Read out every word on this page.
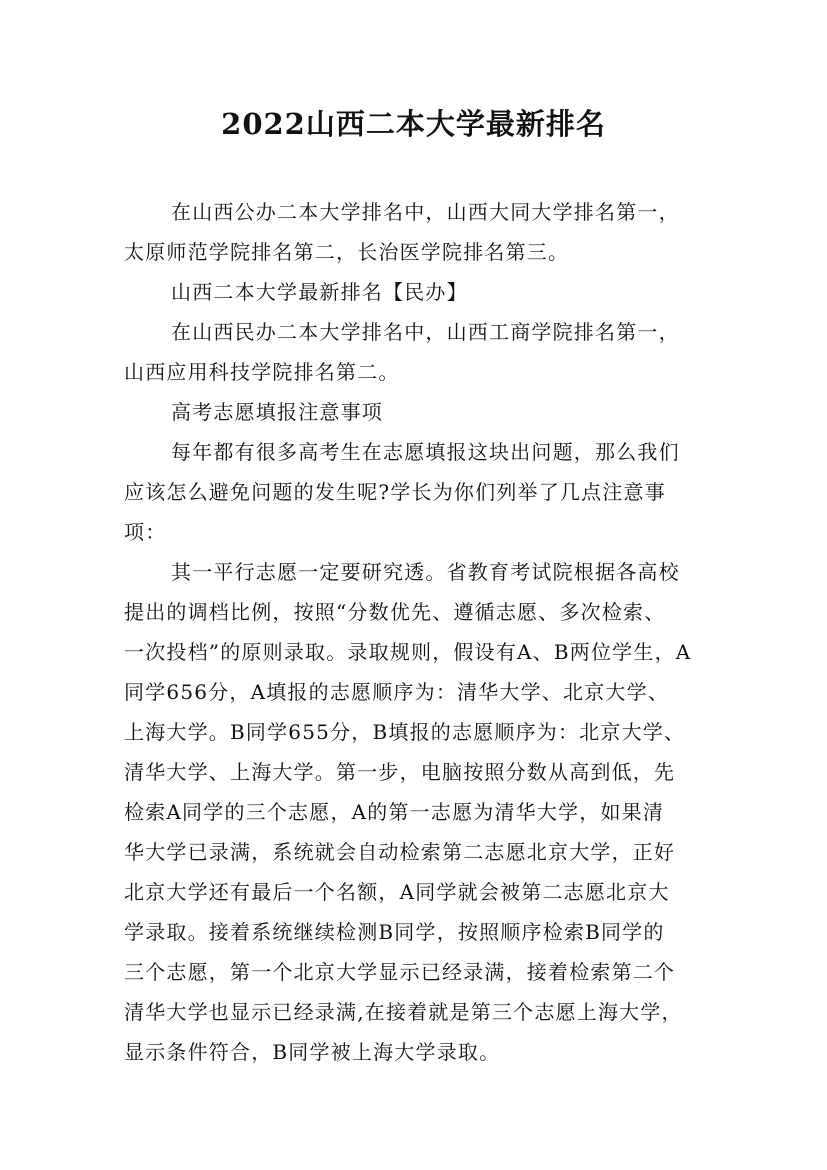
2022山西二本大学最新排名
在山西公办二本大学排名中，山西大同大学排名第一，
太原师范学院排名第二，长治医学院排名第三。
山西二本大学最新排名【民办】
在山西民办二本大学排名中，山西工商学院排名第一，
山西应用科技学院排名第二。
高考志愿填报注意事项
每年都有很多高考生在志愿填报这块出问题，那么我们
应该怎么避免问题的发生呢?学长为你们列举了几点注意事
项：
其一平行志愿一定要研究透。省教育考试院根据各高校
提出的调档比例，按照“分数优先、遵循志愿、多次检索、
一次投档”的原则录取。录取规则，假设有A、B两位学生，A
同学656分，A填报的志愿顺序为：清华大学、北京大学、
上海大学。B同学655分，B填报的志愿顺序为：北京大学、
清华大学、上海大学。第一步，电脑按照分数从高到低，先
检索A同学的三个志愿，A的第一志愿为清华大学，如果清
华大学已录满，系统就会自动检索第二志愿北京大学，正好
北京大学还有最后一个名额，A同学就会被第二志愿北京大
学录取。接着系统继续检测B同学，按照顺序检索B同学的
三个志愿，第一个北京大学显示已经录满，接着检索第二个
清华大学也显示已经录满,在接着就是第三个志愿上海大学，
显示条件符合，B同学被上海大学录取。
